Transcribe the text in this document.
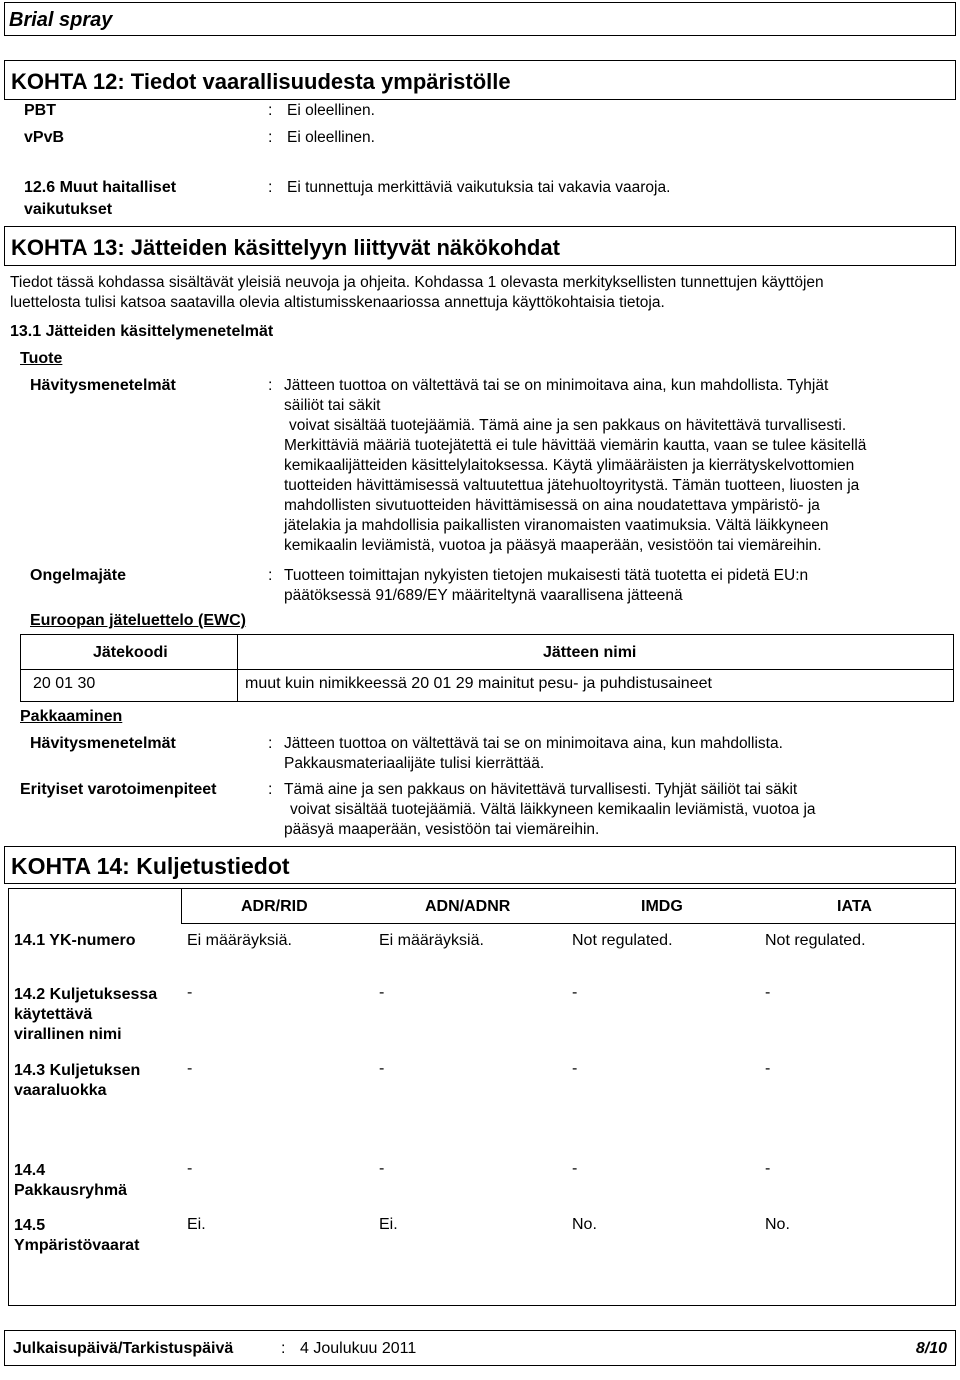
Brial spray
KOHTA 12: Tiedot vaarallisuudesta ympäristölle
PBT	: Ei oleellinen.
vPvB	: Ei oleellinen.
12.6 Muut haitalliset
vaikutukset
: Ei tunnettuja merkittäviä vaikutuksia tai vakavia vaaroja.
KOHTA 13: Jätteiden käsittelyyn liittyvät näkökohdat
Tiedot tässä kohdassa sisältävät yleisiä neuvoja ja ohjeita. Kohdassa 1 olevasta merkityksellisten tunnettujen käyttöjen
luettelosta tulisi katsoa saatavilla olevia altistumisskenaariossa annettuja käyttökohtaisia tietoja.
13.1 Jätteiden käsittelymenetelmät
Tuote
Hävitysmenetelmät	: Jätteen tuottoa on vältettävä tai se on minimoitava aina, kun mahdollista. Tyhjät
säiliöt tai säkit
voivat sisältää tuotejäämiä. Tämä aine ja sen pakkaus on hävitettävä turvallisesti.
Merkittäviä määriä tuotejätettä ei tule hävittää viemärin kautta, vaan se tulee käsitellä
kemikaalijätteiden käsittelylaitoksessa. Käytä ylimääräisten ja kierrätyskelvottomien
tuotteiden hävittämisessä valtuutettua jätehuoltoyritystä. Tämän tuotteen, liuosten ja
mahdollisten sivutuotteiden hävittämisessä on aina noudatettava ympäristö- ja
jätelakia ja mahdollisia paikallisten viranomaisten vaatimuksia. Vältä läikkyneen
kemikaalin leviämistä, vuotoa ja pääsyä maaperään, vesistöön tai viemäreihin.
Ongelmajäte	: Tuotteen toimittajan nykyisten tietojen mukaisesti tätä tuotetta ei pidetä EU:n
päätöksessä 91/689/EY määriteltynä vaarallisena jätteenä
Euroopan jäteluettelo (EWC)
Jätekoodi	Jätteen nimi
20 01 30	muut kuin nimikkeessä 20 01 29 mainitut pesu- ja puhdistusaineet
Pakkaaminen
Hävitysmenetelmät	: Jätteen tuottoa on vältettävä tai se on minimoitava aina, kun mahdollista.
Pakkausmateriaalijäte tulisi kierrättää.
Erityiset varotoimenpiteet	: Tämä aine ja sen pakkaus on hävitettävä turvallisesti. Tyhjät säiliöt tai säkit
voivat sisältää tuotejäämiä. Vältä läikkyneen kemikaalin leviämistä, vuotoa ja
pääsyä maaperään, vesistöön tai viemäreihin.
KOHTA 14: Kuljetustiedot
ADR/RID	ADN/ADNR	IMDG	IATA
14.1 YK-numero	Ei määräyksiä.	Ei määräyksiä.	Not regulated.	Not regulated.
14.2 Kuljetuksessa
käytettävä
virallinen nimi
-	-	-	-
14.3 Kuljetuksen
vaaraluokka
-	-	-	-
14.4
Pakkausryhmä
-	-	-	-
14.5
Ympäristövaarat
Ei.	Ei.	No.	No.
Julkaisupäivä/Tarkistuspäivä	: 4 Joulukuu 2011	8/10
